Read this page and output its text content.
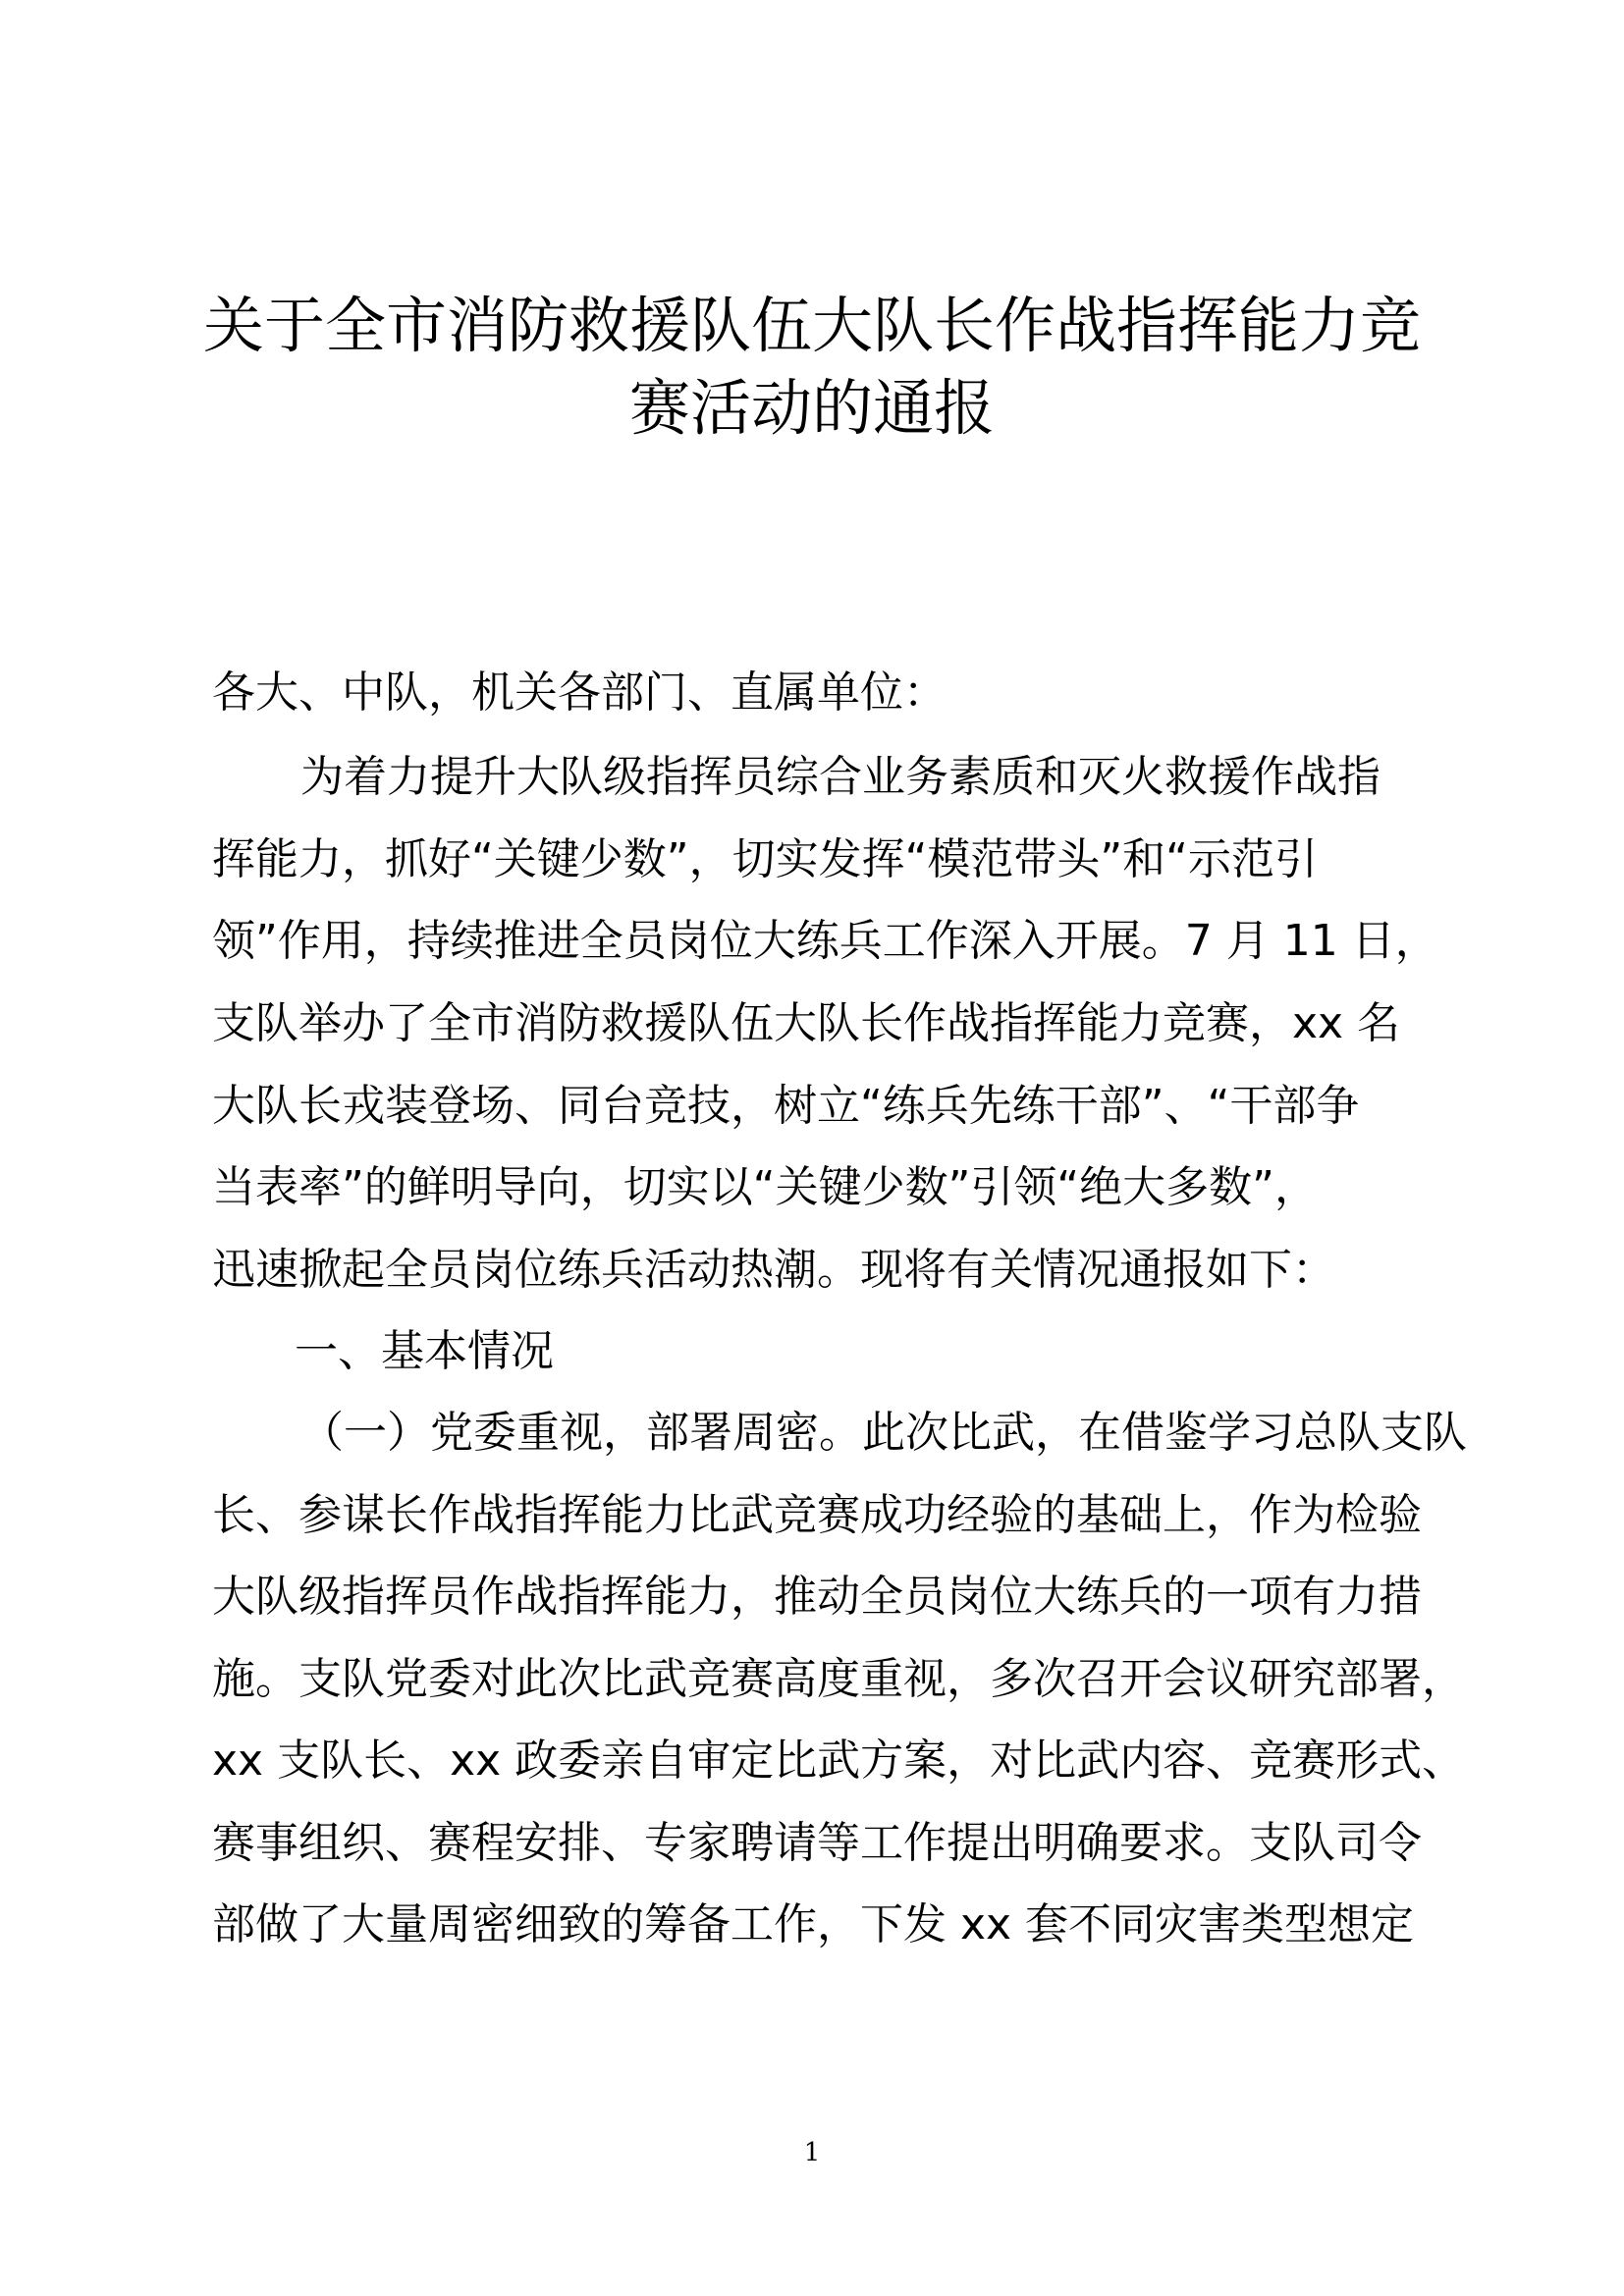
关于全市消防救援队伍大队长作战指挥能力竞
赛活动的通报

各大、中队，机关各部门、直属单位：

为着力提升大队级指挥员综合业务素质和灭火救援作战指

挥能力，抓好“关键少数”，切实发挥“模范带头”和“示范引

领”作用，持续推进全员岗位大练兵工作深入开展。7 月 11 日，

支队举办了全市消防救援队伍大队长作战指挥能力竞赛，xx 名

大队长戎装登场、同台竞技，树立“练兵先练干部”、“干部争

当表率”的鲜明导向，切实以“关键少数”引领“绝大多数”，

迅速掀起全员岗位练兵活动热潮。现将有关情况通报如下：

一、基本情况

（一）党委重视，部署周密。此次比武，在借鉴学习总队支队

长、参谋长作战指挥能力比武竞赛成功经验的基础上，作为检验

大队级指挥员作战指挥能力，推动全员岗位大练兵的一项有力措

施。支队党委对此次比武竞赛高度重视，多次召开会议研究部署，

xx 支队长、xx 政委亲自审定比武方案，对比武内容、竞赛形式、

赛事组织、赛程安排、专家聘请等工作提出明确要求。支队司令

部做了大量周密细致的筹备工作，下发 xx 套不同灾害类型想定

1
